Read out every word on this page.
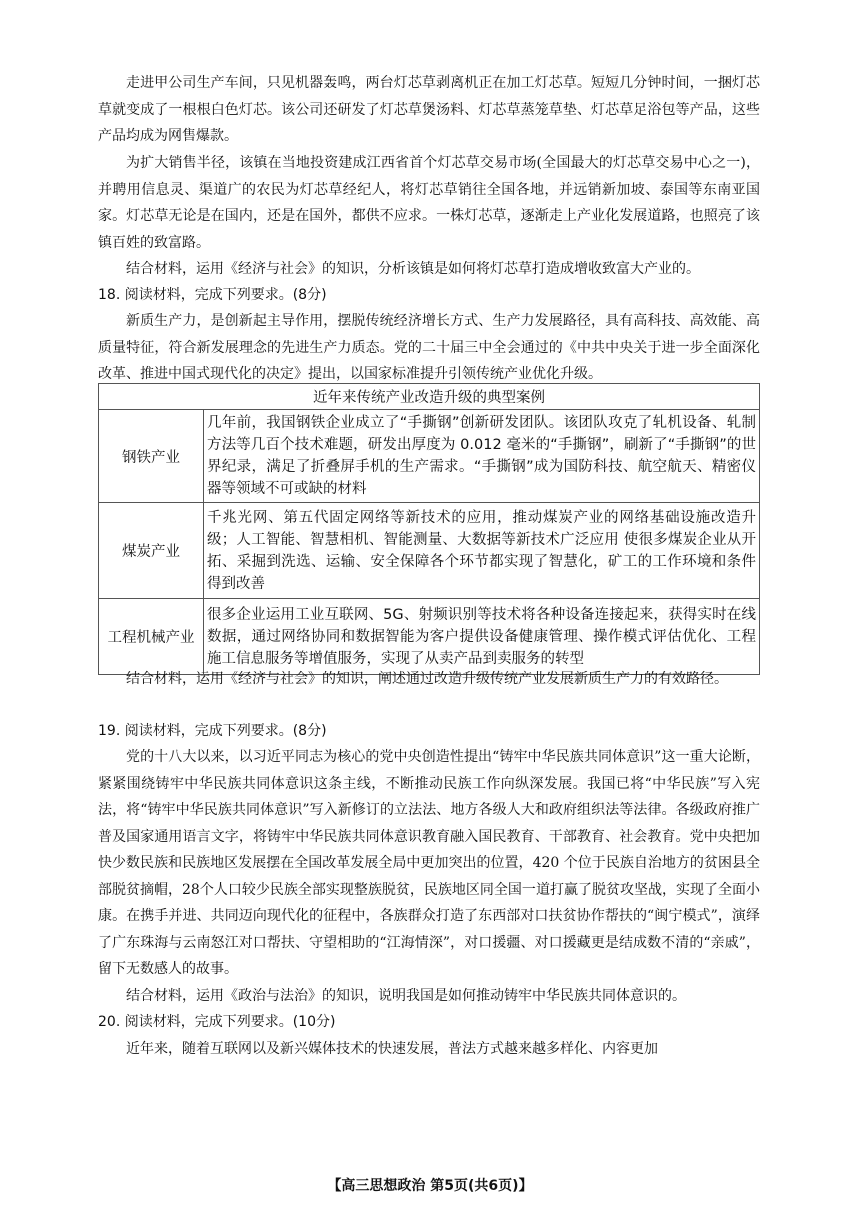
走进甲公司生产车间，只见机器轰鸣，两台灯芯草剥离机正在加工灯芯草。短短几分钟时间，一捆灯芯草就变成了一根根白色灯芯。该公司还研发了灯芯草煲汤料、灯芯草蒸笼草垫、灯芯草足浴包等产品，这些产品均成为网售爆款。

为扩大销售半径，该镇在当地投资建成江西省首个灯芯草交易市场(全国最大的灯芯草交易中心之一)，并聘用信息灵、渠道广的农民为灯芯草经纪人，将灯芯草销往全国各地，并远销新加坡、泰国等东南亚国家。灯芯草无论是在国内，还是在国外，都供不应求。一株灯芯草，逐渐走上产业化发展道路，也照亮了该镇百姓的致富路。

结合材料，运用《经济与社会》的知识，分析该镇是如何将灯芯草打造成增收致富大产业的。

18. 阅读材料，完成下列要求。(8分)

新质生产力，是创新起主导作用，摆脱传统经济增长方式、生产力发展路径，具有高科技、高效能、高质量特征，符合新发展理念的先进生产力质态。党的二十届三中全会通过的《中共中央关于进一步全面深化改革、推进中国式现代化的决定》提出，以国家标准提升引领传统产业优化升级。

近年来传统产业改造升级的典型案例	
钢铁产业	几年前，我国钢铁企业成立了“手撕钢”创新研发团队。该团队攻克了轧机设备、轧制方法等几百个技术难题，研发出厚度为 0.012 毫米的“手撕钢”，刷新了“手撕钢”的世界纪录，满足了折叠屏手机的生产需求。“手撕钢”成为国防科技、航空航天、精密仪器等领域不可或缺的材料
煤炭产业	千兆光网、第五代固定网络等新技术的应用，推动煤炭产业的网络基础设施改造升级；人工智能、智慧相机、智能测量、大数据等新技术广泛应用 使很多煤炭企业从开拓、采掘到洗选、运输、安全保障各个环节都实现了智慧化，矿工的工作环境和条件得到改善
工程机械产业	很多企业运用工业互联网、5G、射频识别等技术将各种设备连接起来，获得实时在线数据，通过网络协同和数据智能为客户提供设备健康管理、操作模式评估优化、工程施工信息服务等增值服务，实现了从卖产品到卖服务的转型

结合材料，运用《经济与社会》的知识，阐述通过改造升级传统产业发展新质生产力的有效路径。

19. 阅读材料，完成下列要求。(8分)

党的十八大以来，以习近平同志为核心的党中央创造性提出“铸牢中华民族共同体意识”这一重大论断，紧紧围绕铸牢中华民族共同体意识这条主线，不断推动民族工作向纵深发展。我国已将“中华民族”写入宪法，将“铸牢中华民族共同体意识”写入新修订的立法法、地方各级人大和政府组织法等法律。各级政府推广普及国家通用语言文字，将铸牢中华民族共同体意识教育融入国民教育、干部教育、社会教育。党中央把加快少数民族和民族地区发展摆在全国改革发展全局中更加突出的位置，420 个位于民族自治地方的贫困县全部脱贫摘帽，28个人口较少民族全部实现整族脱贫，民族地区同全国一道打赢了脱贫攻坚战，实现了全面小康。在携手并进、共同迈向现代化的征程中，各族群众打造了东西部对口扶贫协作帮扶的“闽宁模式”，演绎了广东珠海与云南怒江对口帮扶、守望相助的“江海情深”，对口援疆、对口援藏更是结成数不清的“亲戚”，留下无数感人的故事。

结合材料，运用《政治与法治》的知识，说明我国是如何推动铸牢中华民族共同体意识的。

20. 阅读材料，完成下列要求。(10分)

近年来，随着互联网以及新兴媒体技术的快速发展，普法方式越来越多样化、内容更加

【高三思想政治 第5页(共6页)】
